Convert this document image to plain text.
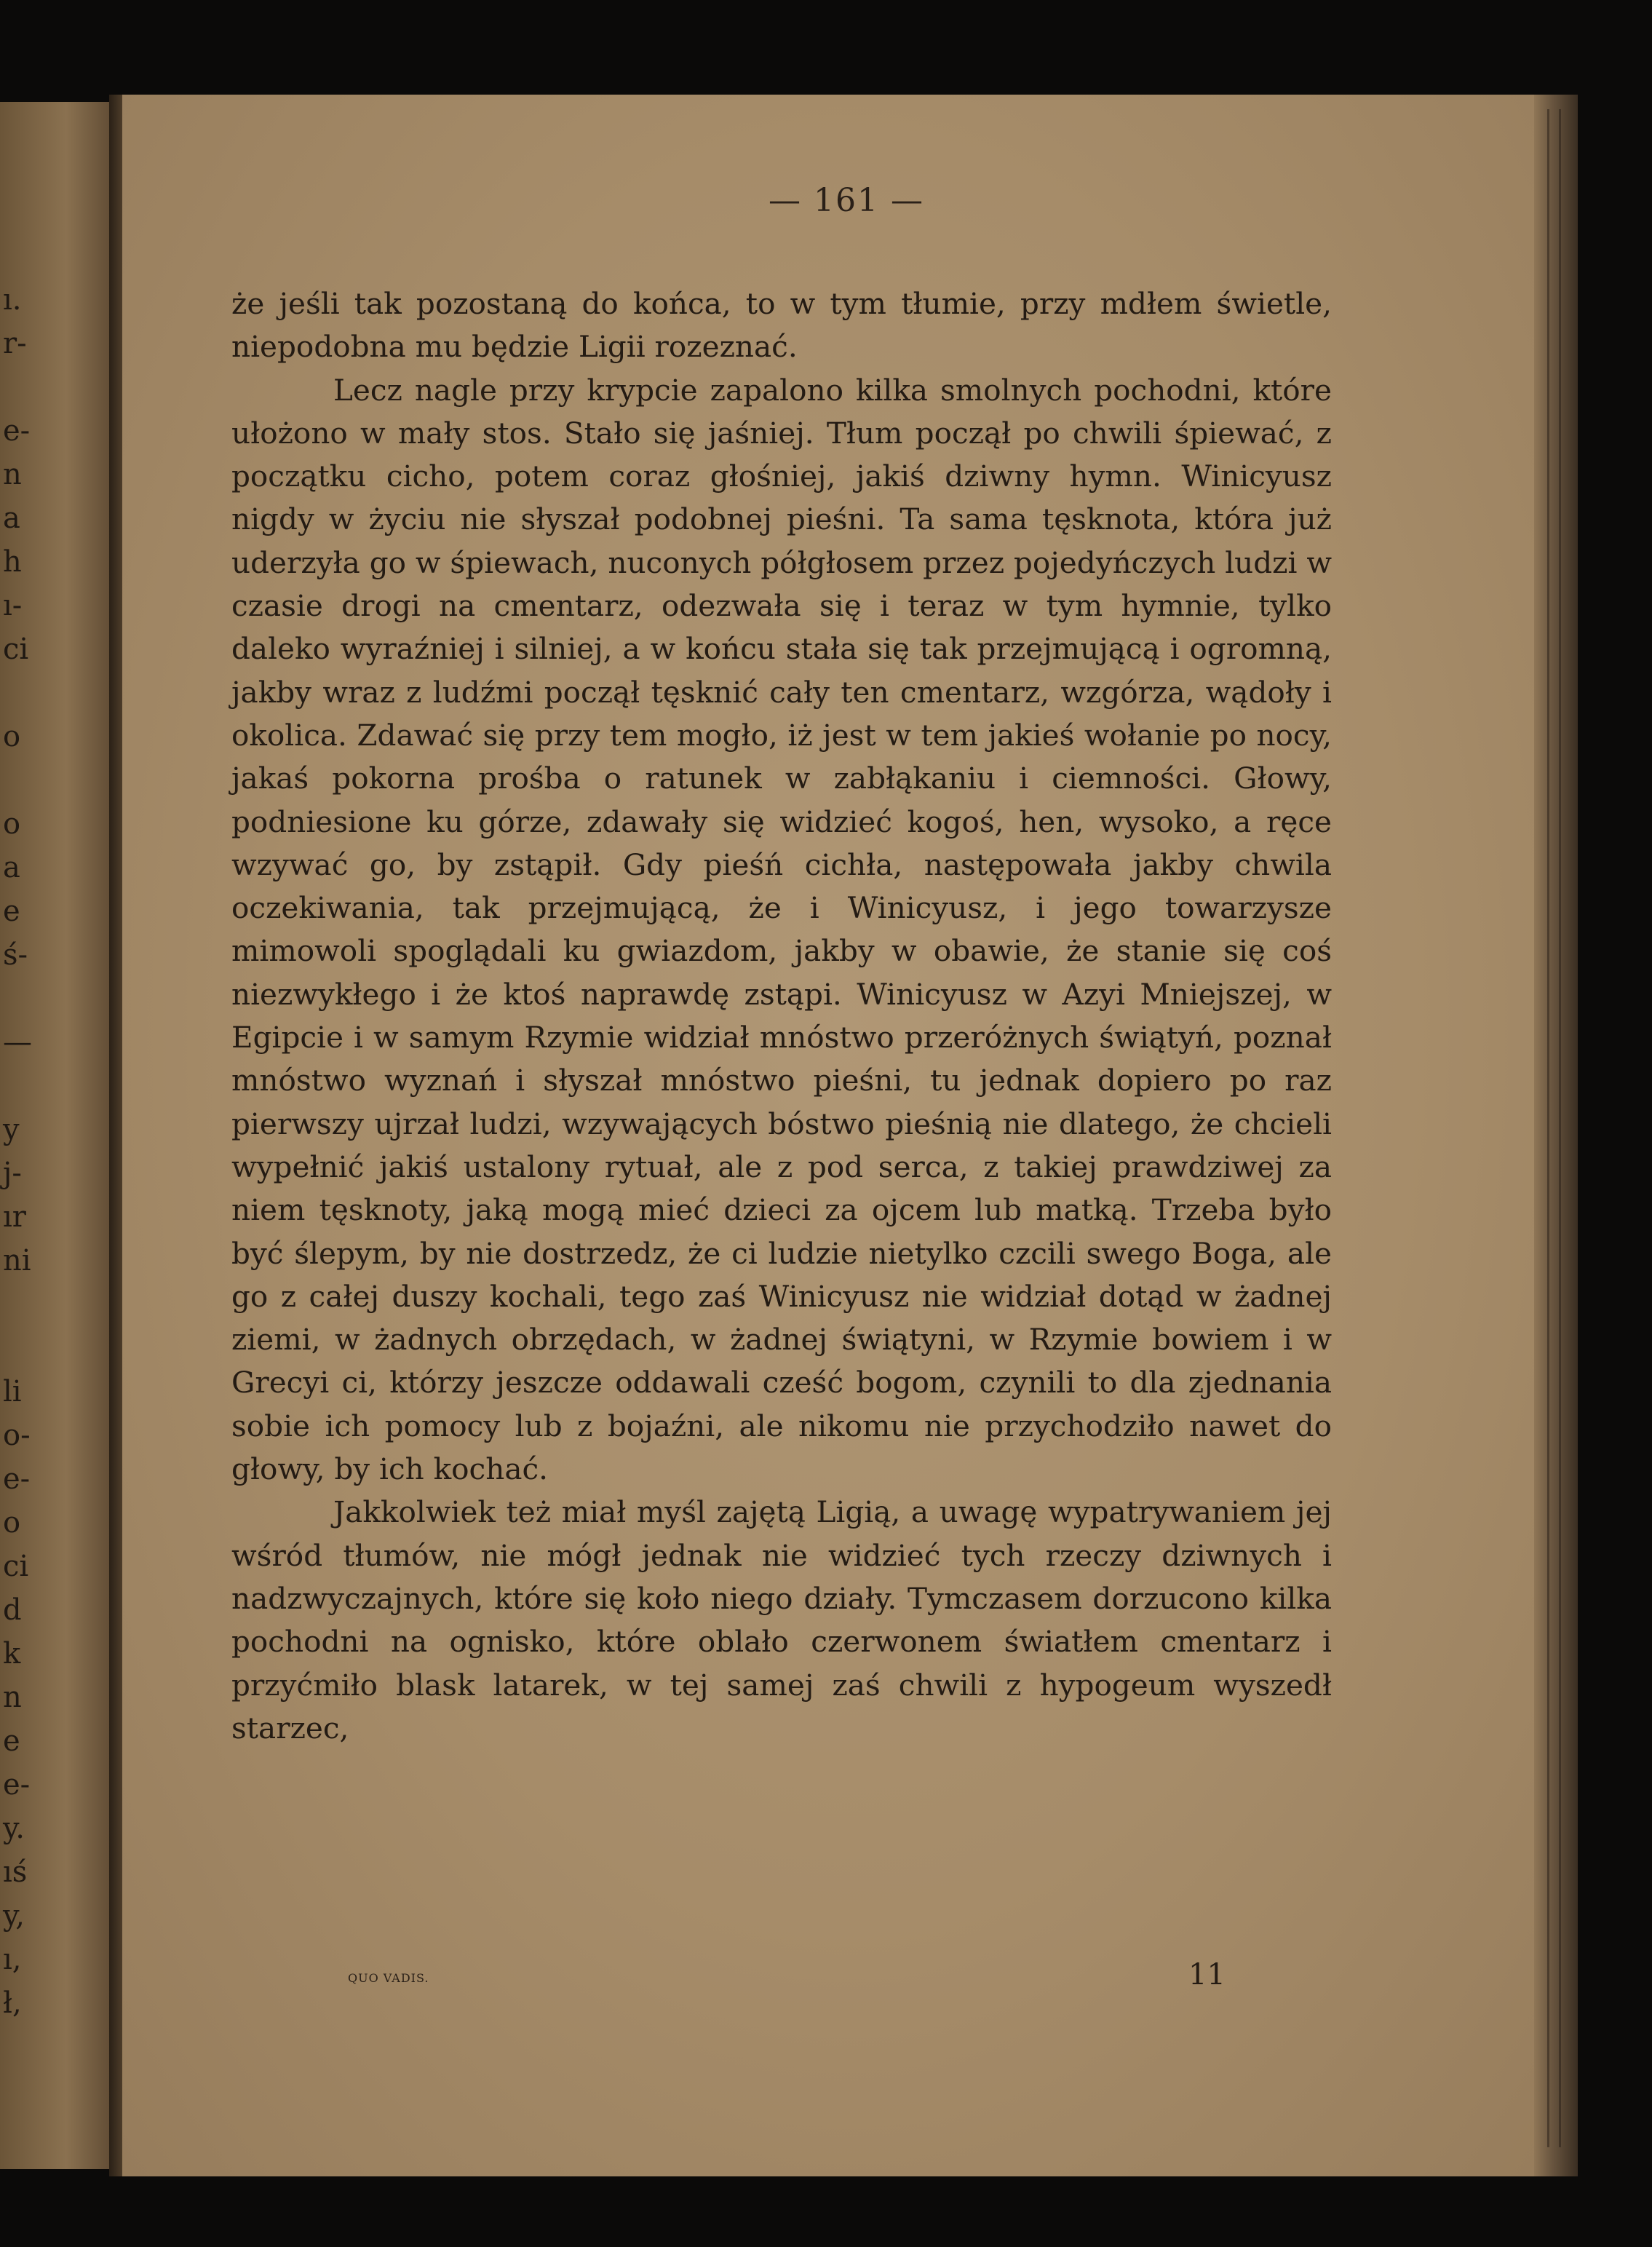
ı.
r-
e-
n
a
h
ı-
ci
o
o
a
e
ś-
—
y
j-
ır
ni
li
o-
e-
o
ci
d
k
n
e
e-
y.
ıś
y,
ı,
ł,
— 161 —

że jeśli tak pozostaną do końca, to w tym tłumie, przy mdłem świetle, niepodobna mu będzie Ligii rozeznać.

Lecz nagle przy krypcie zapalono kilka smolnych pochodni, które ułożono w mały stos. Stało się jaśniej. Tłum począł po chwili śpiewać, z początku cicho, potem coraz głośniej, jakiś dziwny hymn. Winicyusz nigdy w życiu nie słyszał podobnej pieśni. Ta sama tęsknota, która już uderzyła go w śpiewach, nuconych półgłosem przez pojedyńczych ludzi w czasie drogi na cmentarz, odezwała się i teraz w tym hymnie, tylko daleko wyraźniej i silniej, a w końcu stała się tak przejmującą i ogromną, jakby wraz z ludźmi począł tęsknić cały ten cmentarz, wzgórza, wądoły i okolica. Zdawać się przy tem mogło, iż jest w tem jakieś wołanie po nocy, jakaś pokorna prośba o ratunek w zabłąkaniu i ciemności. Głowy, podniesione ku górze, zdawały się widzieć kogoś, hen, wysoko, a ręce wzywać go, by zstąpił. Gdy pieśń cichła, następowała jakby chwila oczekiwania, tak przejmującą, że i Winicyusz, i jego towarzysze mimowoli spoglądali ku gwiazdom, jakby w obawie, że stanie się coś niezwykłego i że ktoś naprawdę zstąpi. Winicyusz w Azyi Mniejszej, w Egipcie i w samym Rzymie widział mnóstwo przeróżnych świątyń, poznał mnóstwo wyznań i słyszał mnóstwo pieśni, tu jednak dopiero po raz pierwszy ujrzał ludzi, wzywających bóstwo pieśnią nie dlatego, że chcieli wypełnić jakiś ustalony rytuał, ale z pod serca, z takiej prawdziwej za niem tęsknoty, jaką mogą mieć dzieci za ojcem lub matką. Trzeba było być ślepym, by nie dostrzedz, że ci ludzie nietylko czcili swego Boga, ale go z całej duszy kochali, tego zaś Winicyusz nie widział dotąd w żadnej ziemi, w żadnych obrzędach, w żadnej świątyni, w Rzymie bowiem i w Grecyi ci, którzy jeszcze oddawali cześć bogom, czynili to dla zjednania sobie ich pomocy lub z bojaźni, ale nikomu nie przychodziło nawet do głowy, by ich kochać.

Jakkolwiek też miał myśl zajętą Ligią, a uwagę wypatrywaniem jej wśród tłumów, nie mógł jednak nie widzieć tych rzeczy dziwnych i nadzwyczajnych, które się koło niego działy. Tymczasem dorzucono kilka pochodni na ognisko, które oblało czerwonem światłem cmentarz i przyćmiło blask latarek, w tej samej zaś chwili z hypogeum wyszedł starzec,

QUO VADIS.	11
